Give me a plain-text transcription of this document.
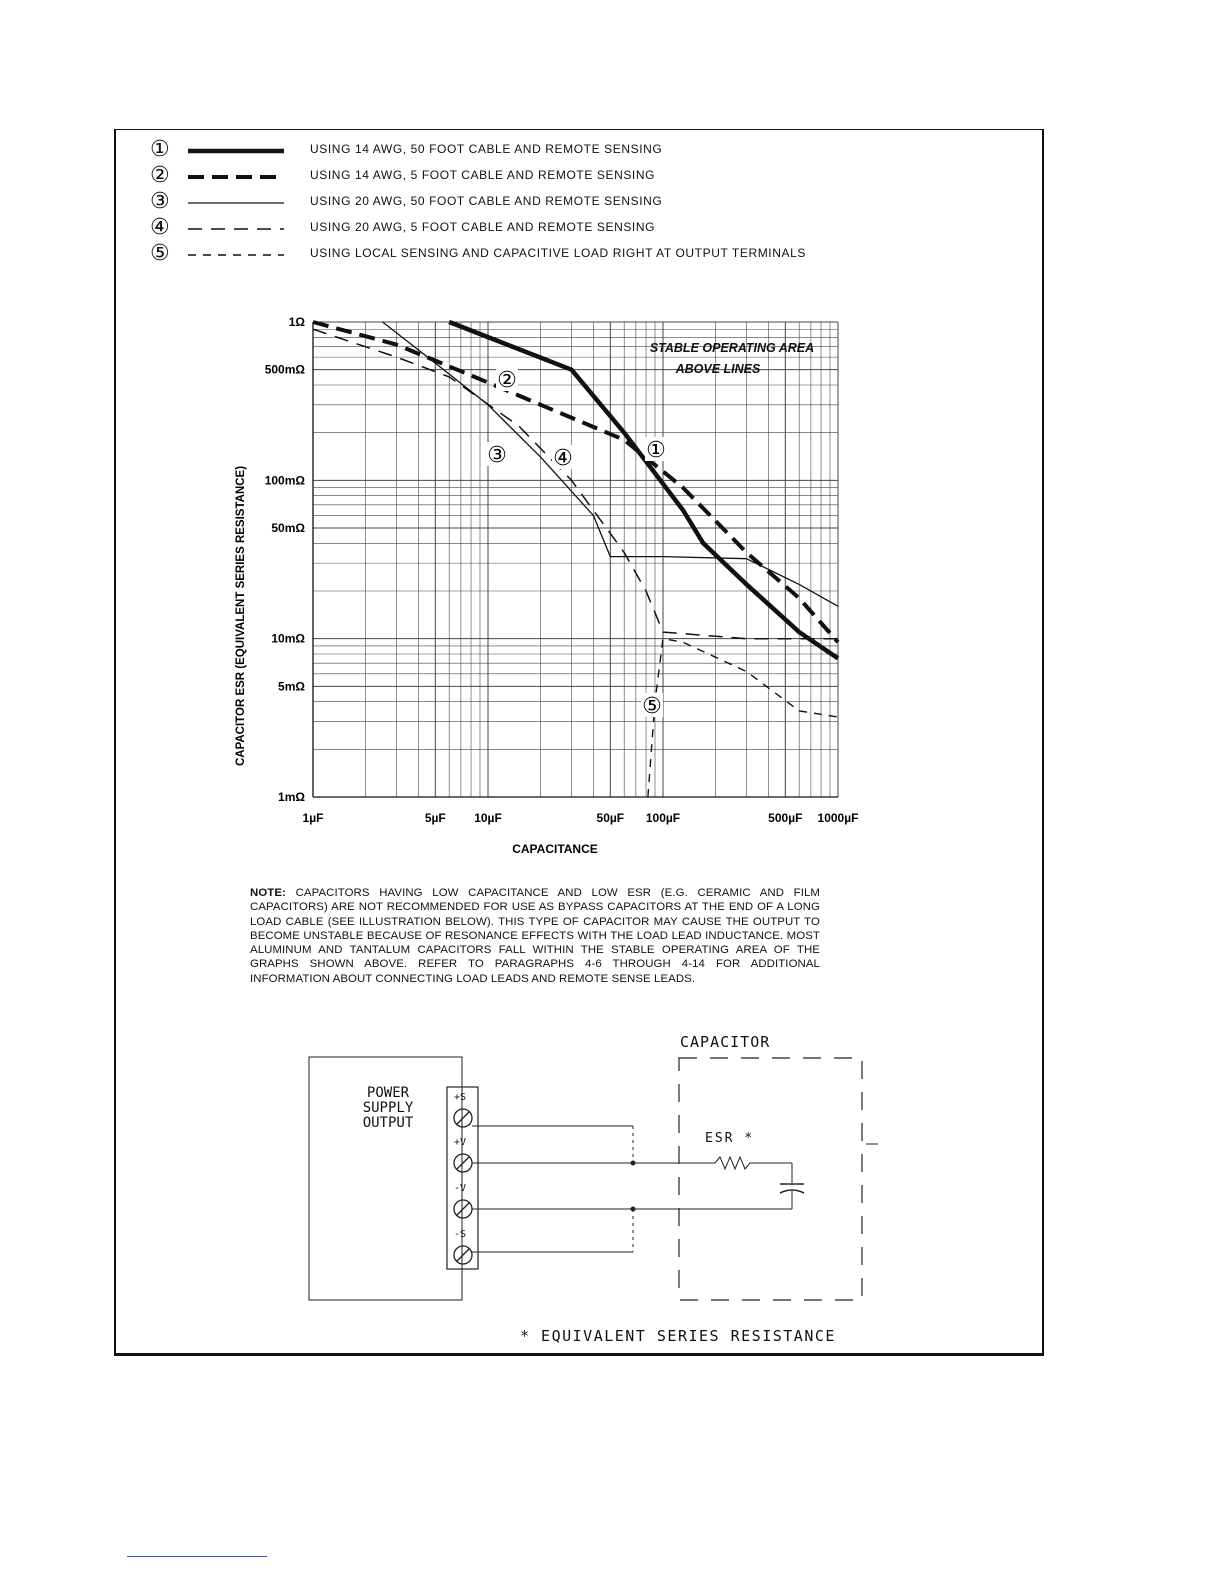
①	USING 14 AWG, 50 FOOT CABLE AND REMOTE SENSING
②	USING 14 AWG, 5 FOOT CABLE AND REMOTE SENSING
③	USING 20 AWG, 50 FOOT CABLE AND REMOTE SENSING
④	USING 20 AWG, 5 FOOT CABLE AND REMOTE SENSING
⑤	USING LOCAL SENSING AND CAPACITIVE LOAD RIGHT AT OUTPUT TERMINALS
1µF	5µF 10µF	50µF 100µF	500µF 1000µF
1Ω
500mΩ
100mΩ
50mΩ
10mΩ
5mΩ
1mΩ
CAPACITANCE
CAPACITOR ESR (EQUIVALENT SERIES RESISTANCE)
STABLE OPERATING AREA
ABOVE LINES
①
②
③ ④
⑤
NOTE: CAPACITORS HAVING LOW CAPACITANCE AND LOW ESR (E.G. CERAMIC AND FILM CAPACITORS) ARE NOT RECOMMENDED FOR USE AS BYPASS CAPACITORS AT THE END OF A LONG LOAD CABLE (SEE ILLUSTRATION BELOW). THIS TYPE OF CAPACITOR MAY CAUSE THE OUTPUT TO BECOME UNSTABLE BECAUSE OF RESONANCE EFFECTS WITH THE LOAD LEAD INDUCTANCE. MOST ALUMINUM AND TANTALUM CAPACITORS FALL WITHIN THE STABLE OPERATING AREA OF THE GRAPHS SHOWN ABOVE. REFER TO PARAGRAPHS 4-6 THROUGH 4-14 FOR ADDITIONAL INFORMATION ABOUT CONNECTING LOAD LEADS AND REMOTE SENSE LEADS.
POWER
SUPPLY
OUTPUT
+S
+V
-V
-S
CAPACITOR
ESR *
* EQUIVALENT SERIES RESISTANCE
